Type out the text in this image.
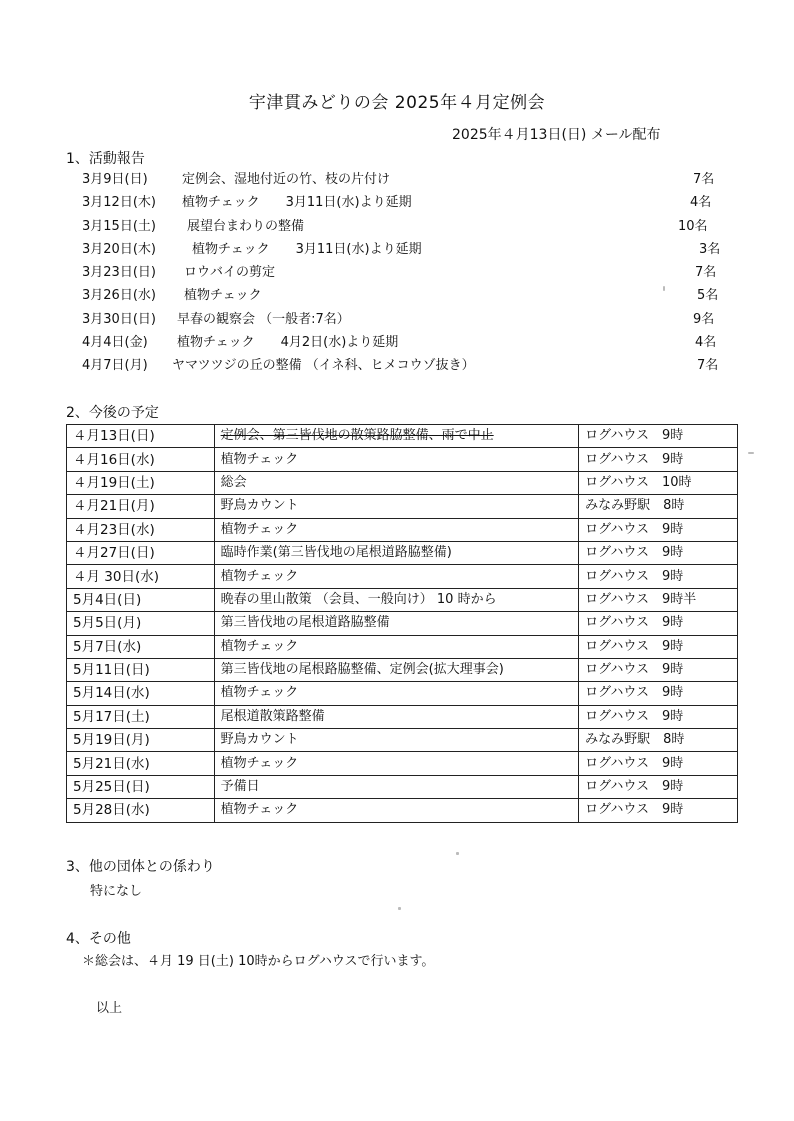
宇津貫みどりの会 2025年４月定例会
2025年４月13日(日) メール配布
1、活動報告
3月9日(日)	定例会、湿地付近の竹、枝の片付け	7名
3月12日(木) 植物チェック　　3月11日(水)より延期	4名
3月15日(土) 展望台まわりの整備	10名
3月20日(木)	植物チェック　　3月11日(水)より延期	3名
3月23日(日) ロウバイの剪定	7名
3月26日(水) 植物チェック	5名
3月30日(日) 早春の観察会 （一般者:7名）	9名
4月4日(金) 植物チェック　　4月2日(水)より延期	4名
4月7日(月) ヤマツツジの丘の整備 （イネ科、ヒメコウゾ抜き）	7名
2、今後の予定
４月13日(日)	定例会、第三皆伐地の散策路脇整備、雨で中止	ログハウス　9時
４月16日(水)	植物チェック	ログハウス　9時
４月19日(土)	総会	ログハウス　10時
４月21日(月)	野鳥カウント	みなみ野駅　8時
４月23日(水)	植物チェック	ログハウス　9時
４月27日(日)	臨時作業(第三皆伐地の尾根道路脇整備)	ログハウス　9時
４月 30日(水)	植物チェック	ログハウス　9時
5月4日(日)	晩春の里山散策 （会員、一般向け） 10 時から	ログハウス　9時半
5月5日(月)	第三皆伐地の尾根道路脇整備	ログハウス　9時
5月7日(水)	植物チェック	ログハウス　9時
5月11日(日)	第三皆伐地の尾根路脇整備、定例会(拡大理事会)	ログハウス　9時
5月14日(水)	植物チェック	ログハウス　9時
5月17日(土)	尾根道散策路整備	ログハウス　9時
5月19日(月)	野鳥カウント	みなみ野駅　8時
5月21日(水)	植物チェック	ログハウス　9時
5月25日(日)	予備日	ログハウス　9時
5月28日(水)	植物チェック	ログハウス　9時
3、他の団体との係わり
特になし
4、その他
＊総会は、４月 19 日(土) 10時からログハウスで行います。
以上
